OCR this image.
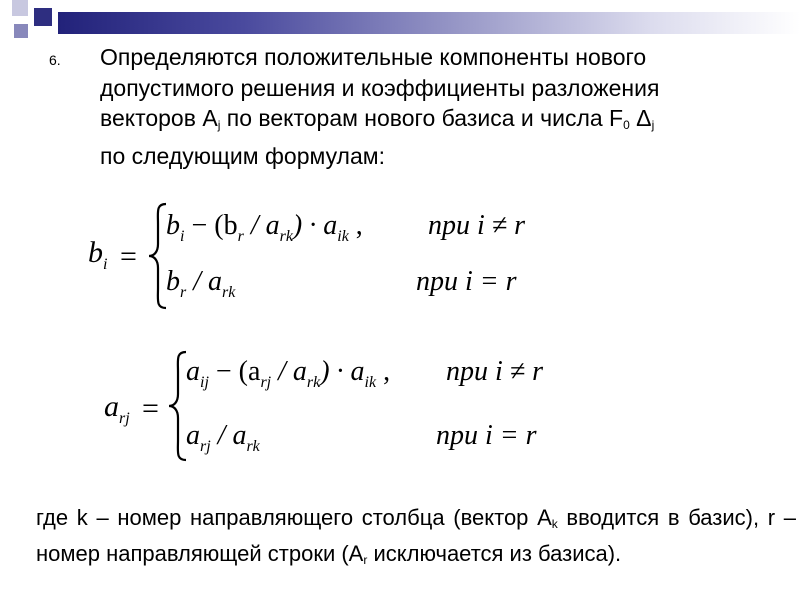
6. Определяются положительные компоненты нового
допустимого решения и коэффициенты разложения
векторов $A_j$ по векторам нового базиса и числа $F_0$ $\Delta_j$
по следующим формулам:
$b_i$ =
$b_i - (b_r / a_{rk}) \cdot a_{ik}$ , при i ≠ r
$b_r / a_{rk}$	при i = r
$a_{rj}$ =
$a_{ij} - (a_{rj} / a_{rk}) \cdot a_{ik}$ , при i ≠ r
$a_{rj} / a_{rk}$	при i = r
где k – номер направляющего столбца (вектор $A_k$ вводится в базис), r – номер направляющей строки ($A_r$ исключается из базиса).
